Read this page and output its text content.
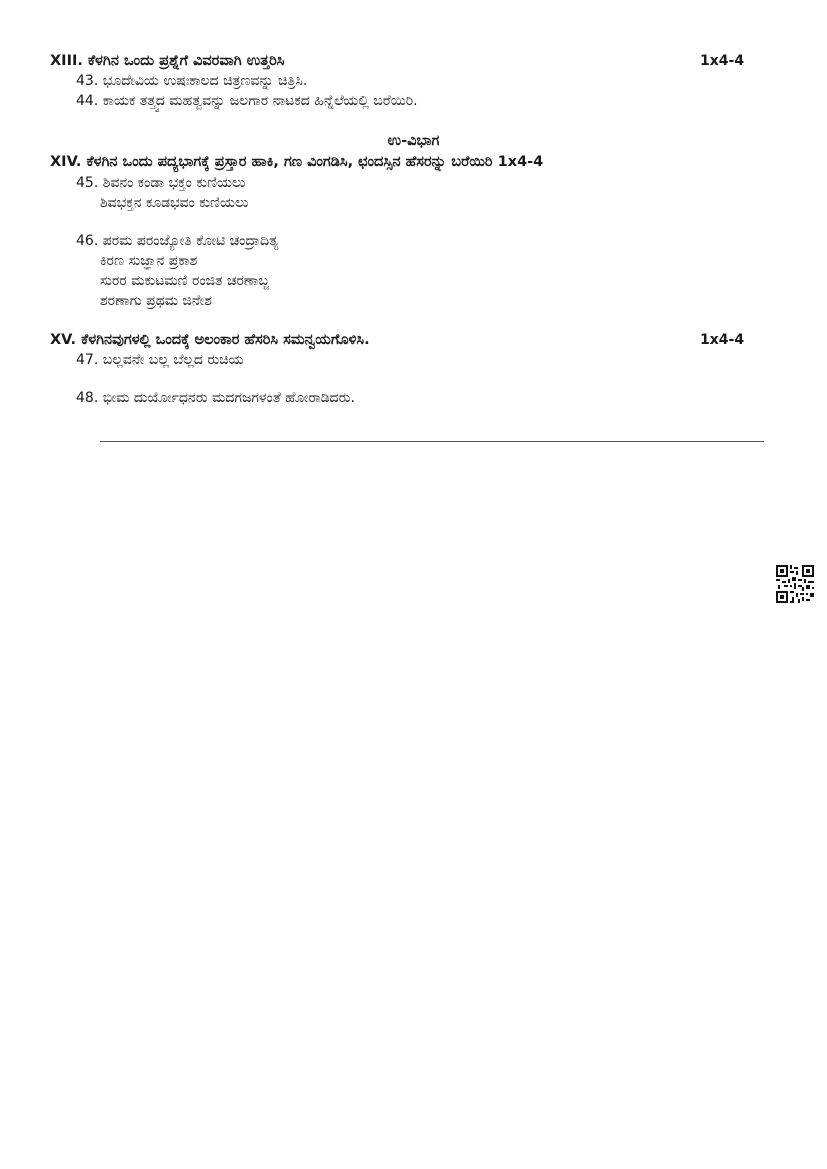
XIII. ಕೆಳಗಿನ ಒಂದು ಪ್ರಶ್ನೆಗೆ ವಿವರವಾಗಿ ಉತ್ತರಿಸಿ	1x4-4
43. ಭೂದೇವಿಯ ಉಷಃಕಾಲದ ಚಿತ್ರಣವನ್ನು ಚಿತ್ರಿಸಿ.
44. ಕಾಯಕ ತತ್ತ್ವದ ಮಹತ್ವವನ್ನು ಜಲಗಾರ ನಾಟಕದ ಹಿನ್ನೆಲೆಯಲ್ಲಿ ಬರೆಯಿರಿ.
ಉ-ವಿಭಾಗ
XIV. ಕೆಳಗಿನ ಒಂದು ಪದ್ಯಭಾಗಕ್ಕೆ ಪ್ರಸ್ತಾರ ಹಾಕಿ, ಗಣ ವಿಂಗಡಿಸಿ, ಛಂದಸ್ಸಿನ ಹೆಸರನ್ನು ಬರೆಯಿರಿ 1x4-4
45. ಶಿವನಂ ಕಂಡಾ ಭಕ್ತಂ ಕುಣಿಯಲು
ಶಿವಭಕ್ತನ ಕೂಡಭವಂ ಕುಣಿಯಲು
46. ಪರಮ ಪರಂಜ್ಯೋತಿ ಕೋಟಿ ಚಂದ್ರಾದಿತ್ಯ
ಕಿರಣ ಸುಜ್ಞಾನ ಪ್ರಕಾಶ
ಸುರರ ಮಕುಟಮಣಿ ರಂಜಿತ ಚರಣಾಬ್ಜ
ಶರಣಾಗು ಪ್ರಥಮ ಜಿನೇಶ
XV. ಕೆಳಗಿನವುಗಳಲ್ಲಿ ಒಂದಕ್ಕೆ ಅಲಂಕಾರ ಹೆಸರಿಸಿ ಸಮನ್ವಯಗೊಳಿಸಿ.	1x4-4
47. ಬಲ್ಲವನೇ ಬಲ್ಲ ಬೆಲ್ಲದ ರುಚಿಯ
48. ಭೀಮ ದುರ್ಯೋಧನರು ಮದಗಜಗಳಂತೆ ಹೋರಾಡಿದರು.
